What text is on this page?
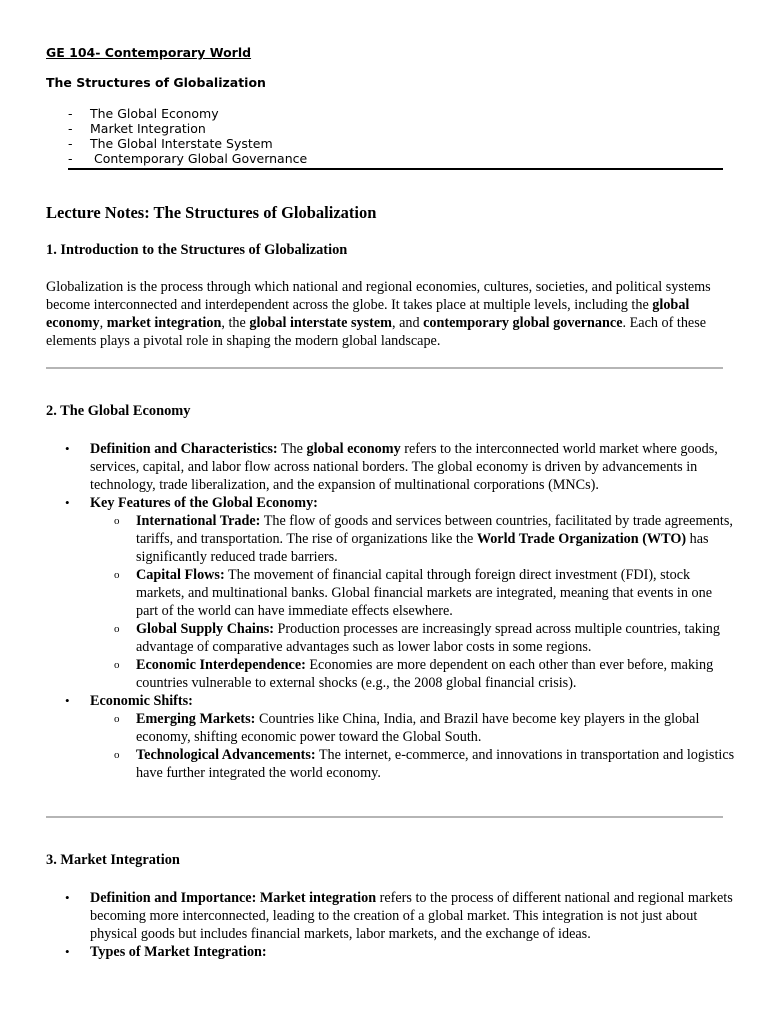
GE 104- Contemporary World
The Structures of Globalization
- The Global Economy
- Market Integration
- The Global Interstate System
- Contemporary Global Governance
Lecture Notes: The Structures of Globalization
1. Introduction to the Structures of Globalization

Globalization is the process through which national and regional economies, cultures, societies, and political systems become interconnected and interdependent across the globe. It takes place at multiple levels, including the global economy, market integration, the global interstate system, and contemporary global governance. Each of these elements plays a pivotal role in shaping the modern global landscape.

2. The Global Economy
• Definition and Characteristics: The global economy refers to the interconnected world market where goods, services, capital, and labor flow across national borders. The global economy is driven by advancements in technology, trade liberalization, and the expansion of multinational corporations (MNCs).
• Key Features of the Global Economy:
o International Trade: The flow of goods and services between countries, facilitated by trade agreements, tariffs, and transportation. The rise of organizations like the World Trade Organization (WTO) has significantly reduced trade barriers.
o Capital Flows: The movement of financial capital through foreign direct investment (FDI), stock markets, and multinational banks. Global financial markets are integrated, meaning that events in one part of the world can have immediate effects elsewhere.
o Global Supply Chains: Production processes are increasingly spread across multiple countries, taking advantage of comparative advantages such as lower labor costs in some regions.
o Economic Interdependence: Economies are more dependent on each other than ever before, making countries vulnerable to external shocks (e.g., the 2008 global financial crisis).
• Economic Shifts:
o Emerging Markets: Countries like China, India, and Brazil have become key players in the global economy, shifting economic power toward the Global South.
o Technological Advancements: The internet, e-commerce, and innovations in transportation and logistics have further integrated the world economy.
3. Market Integration
• Definition and Importance: Market integration refers to the process of different national and regional markets becoming more interconnected, leading to the creation of a global market. This integration is not just about physical goods but includes financial markets, labor markets, and the exchange of ideas.
• Types of Market Integration:
